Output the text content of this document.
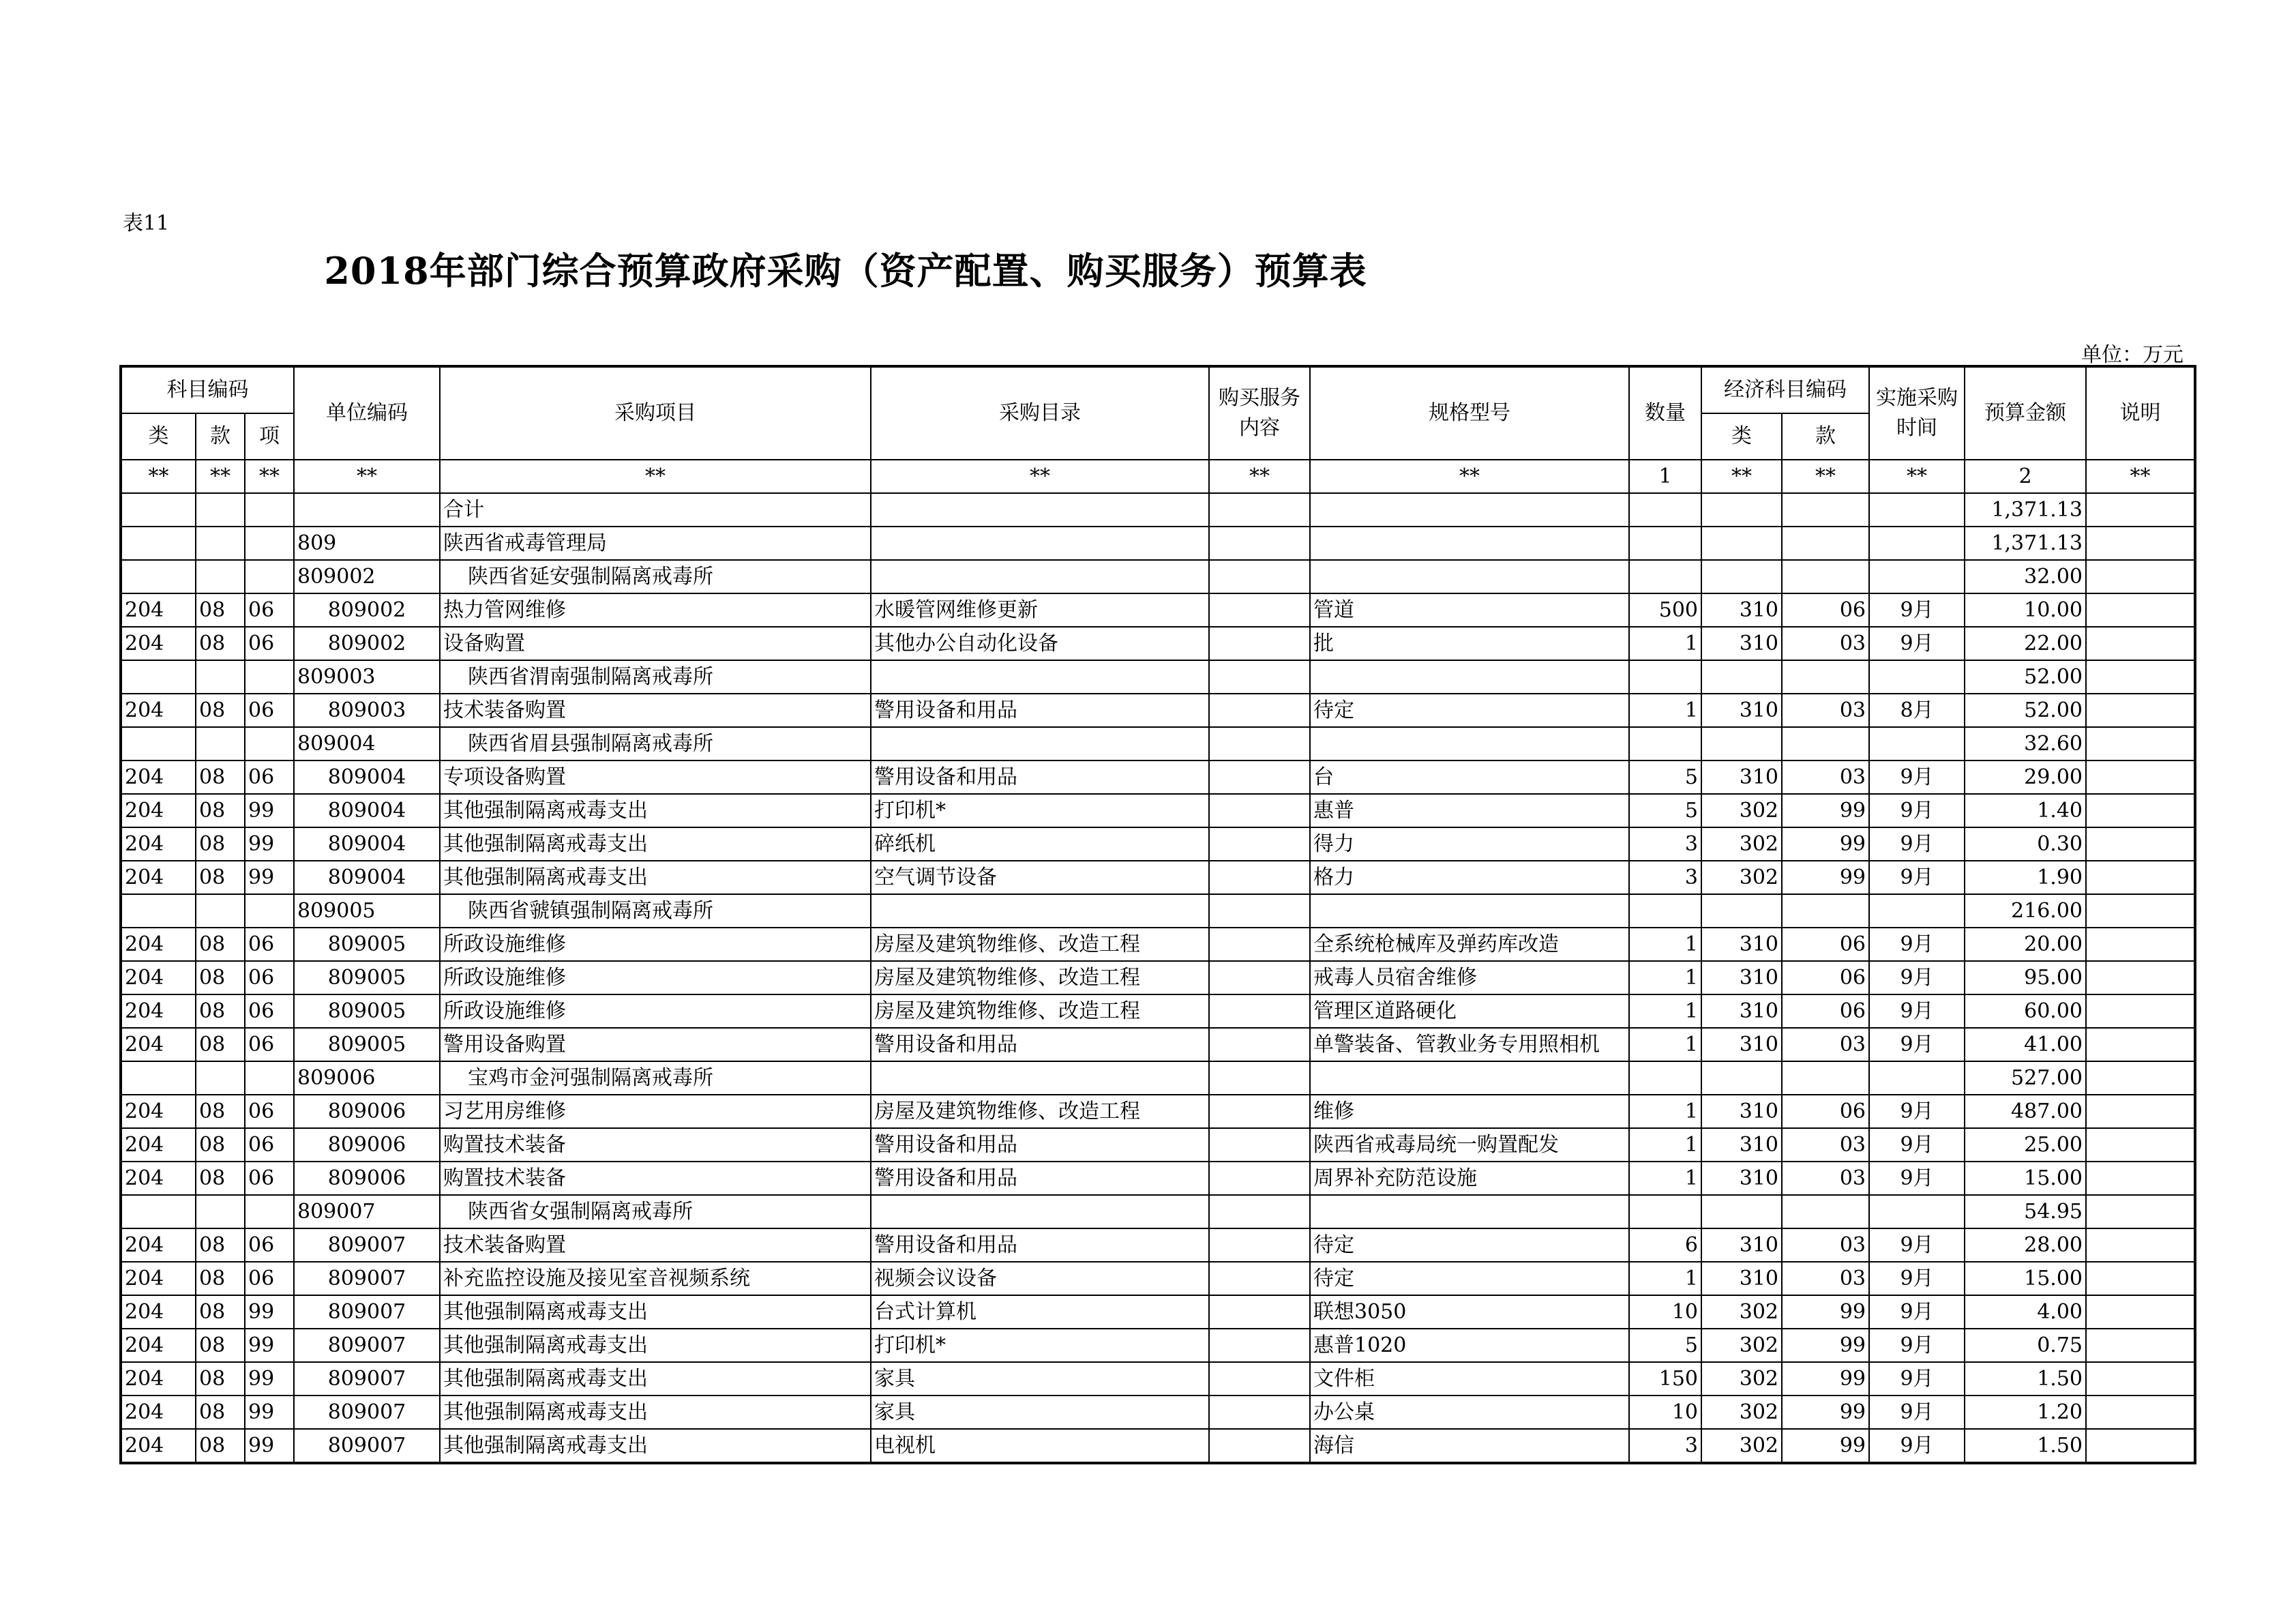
表11
2018年部门综合预算政府采购（资产配置、购买服务）预算表
单位：万元
科目编码			单位编码	采购项目	采购目录	购买服务内容	规格型号	数量	经济科目编码		实施采购时间	预算金额	说明
类	款	项							类	款			
**	**	**	**	**	**	**	**	1	**	**	**	2	**
				合计								1,371.13	
			809	陕西省戒毒管理局								1,371.13	
			809002	陕西省延安强制隔离戒毒所								32.00	
204	08	06	809002	热力管网维修	水暖管网维修更新		管道	500	310	06	9月	10.00	
204	08	06	809002	设备购置	其他办公自动化设备		批	1	310	03	9月	22.00	
			809003	陕西省渭南强制隔离戒毒所								52.00	
204	08	06	809003	技术装备购置	警用设备和用品		待定	1	310	03	8月	52.00	
			809004	陕西省眉县强制隔离戒毒所								32.60	
204	08	06	809004	专项设备购置	警用设备和用品		台	5	310	03	9月	29.00	
204	08	99	809004	其他强制隔离戒毒支出	打印机*		惠普	5	302	99	9月	1.40	
204	08	99	809004	其他强制隔离戒毒支出	碎纸机		得力	3	302	99	9月	0.30	
204	08	99	809004	其他强制隔离戒毒支出	空气调节设备		格力	3	302	99	9月	1.90	
			809005	陕西省虢镇强制隔离戒毒所								216.00	
204	08	06	809005	所政设施维修	房屋及建筑物维修、改造工程		全系统枪械库及弹药库改造	1	310	06	9月	20.00	
204	08	06	809005	所政设施维修	房屋及建筑物维修、改造工程		戒毒人员宿舍维修	1	310	06	9月	95.00	
204	08	06	809005	所政设施维修	房屋及建筑物维修、改造工程		管理区道路硬化	1	310	06	9月	60.00	
204	08	06	809005	警用设备购置	警用设备和用品		单警装备、管教业务专用照相机	1	310	03	9月	41.00	
			809006	宝鸡市金河强制隔离戒毒所								527.00	
204	08	06	809006	习艺用房维修	房屋及建筑物维修、改造工程		维修	1	310	06	9月	487.00	
204	08	06	809006	购置技术装备	警用设备和用品		陕西省戒毒局统一购置配发	1	310	03	9月	25.00	
204	08	06	809006	购置技术装备	警用设备和用品		周界补充防范设施	1	310	03	9月	15.00	
			809007	陕西省女强制隔离戒毒所								54.95	
204	08	06	809007	技术装备购置	警用设备和用品		待定	6	310	03	9月	28.00	
204	08	06	809007	补充监控设施及接见室音视频系统	视频会议设备		待定	1	310	03	9月	15.00	
204	08	99	809007	其他强制隔离戒毒支出	台式计算机		联想3050	10	302	99	9月	4.00	
204	08	99	809007	其他强制隔离戒毒支出	打印机*		惠普1020	5	302	99	9月	0.75	
204	08	99	809007	其他强制隔离戒毒支出	家具		文件柜	150	302	99	9月	1.50	
204	08	99	809007	其他强制隔离戒毒支出	家具		办公桌	10	302	99	9月	1.20	
204	08	99	809007	其他强制隔离戒毒支出	电视机		海信	3	302	99	9月	1.50	
